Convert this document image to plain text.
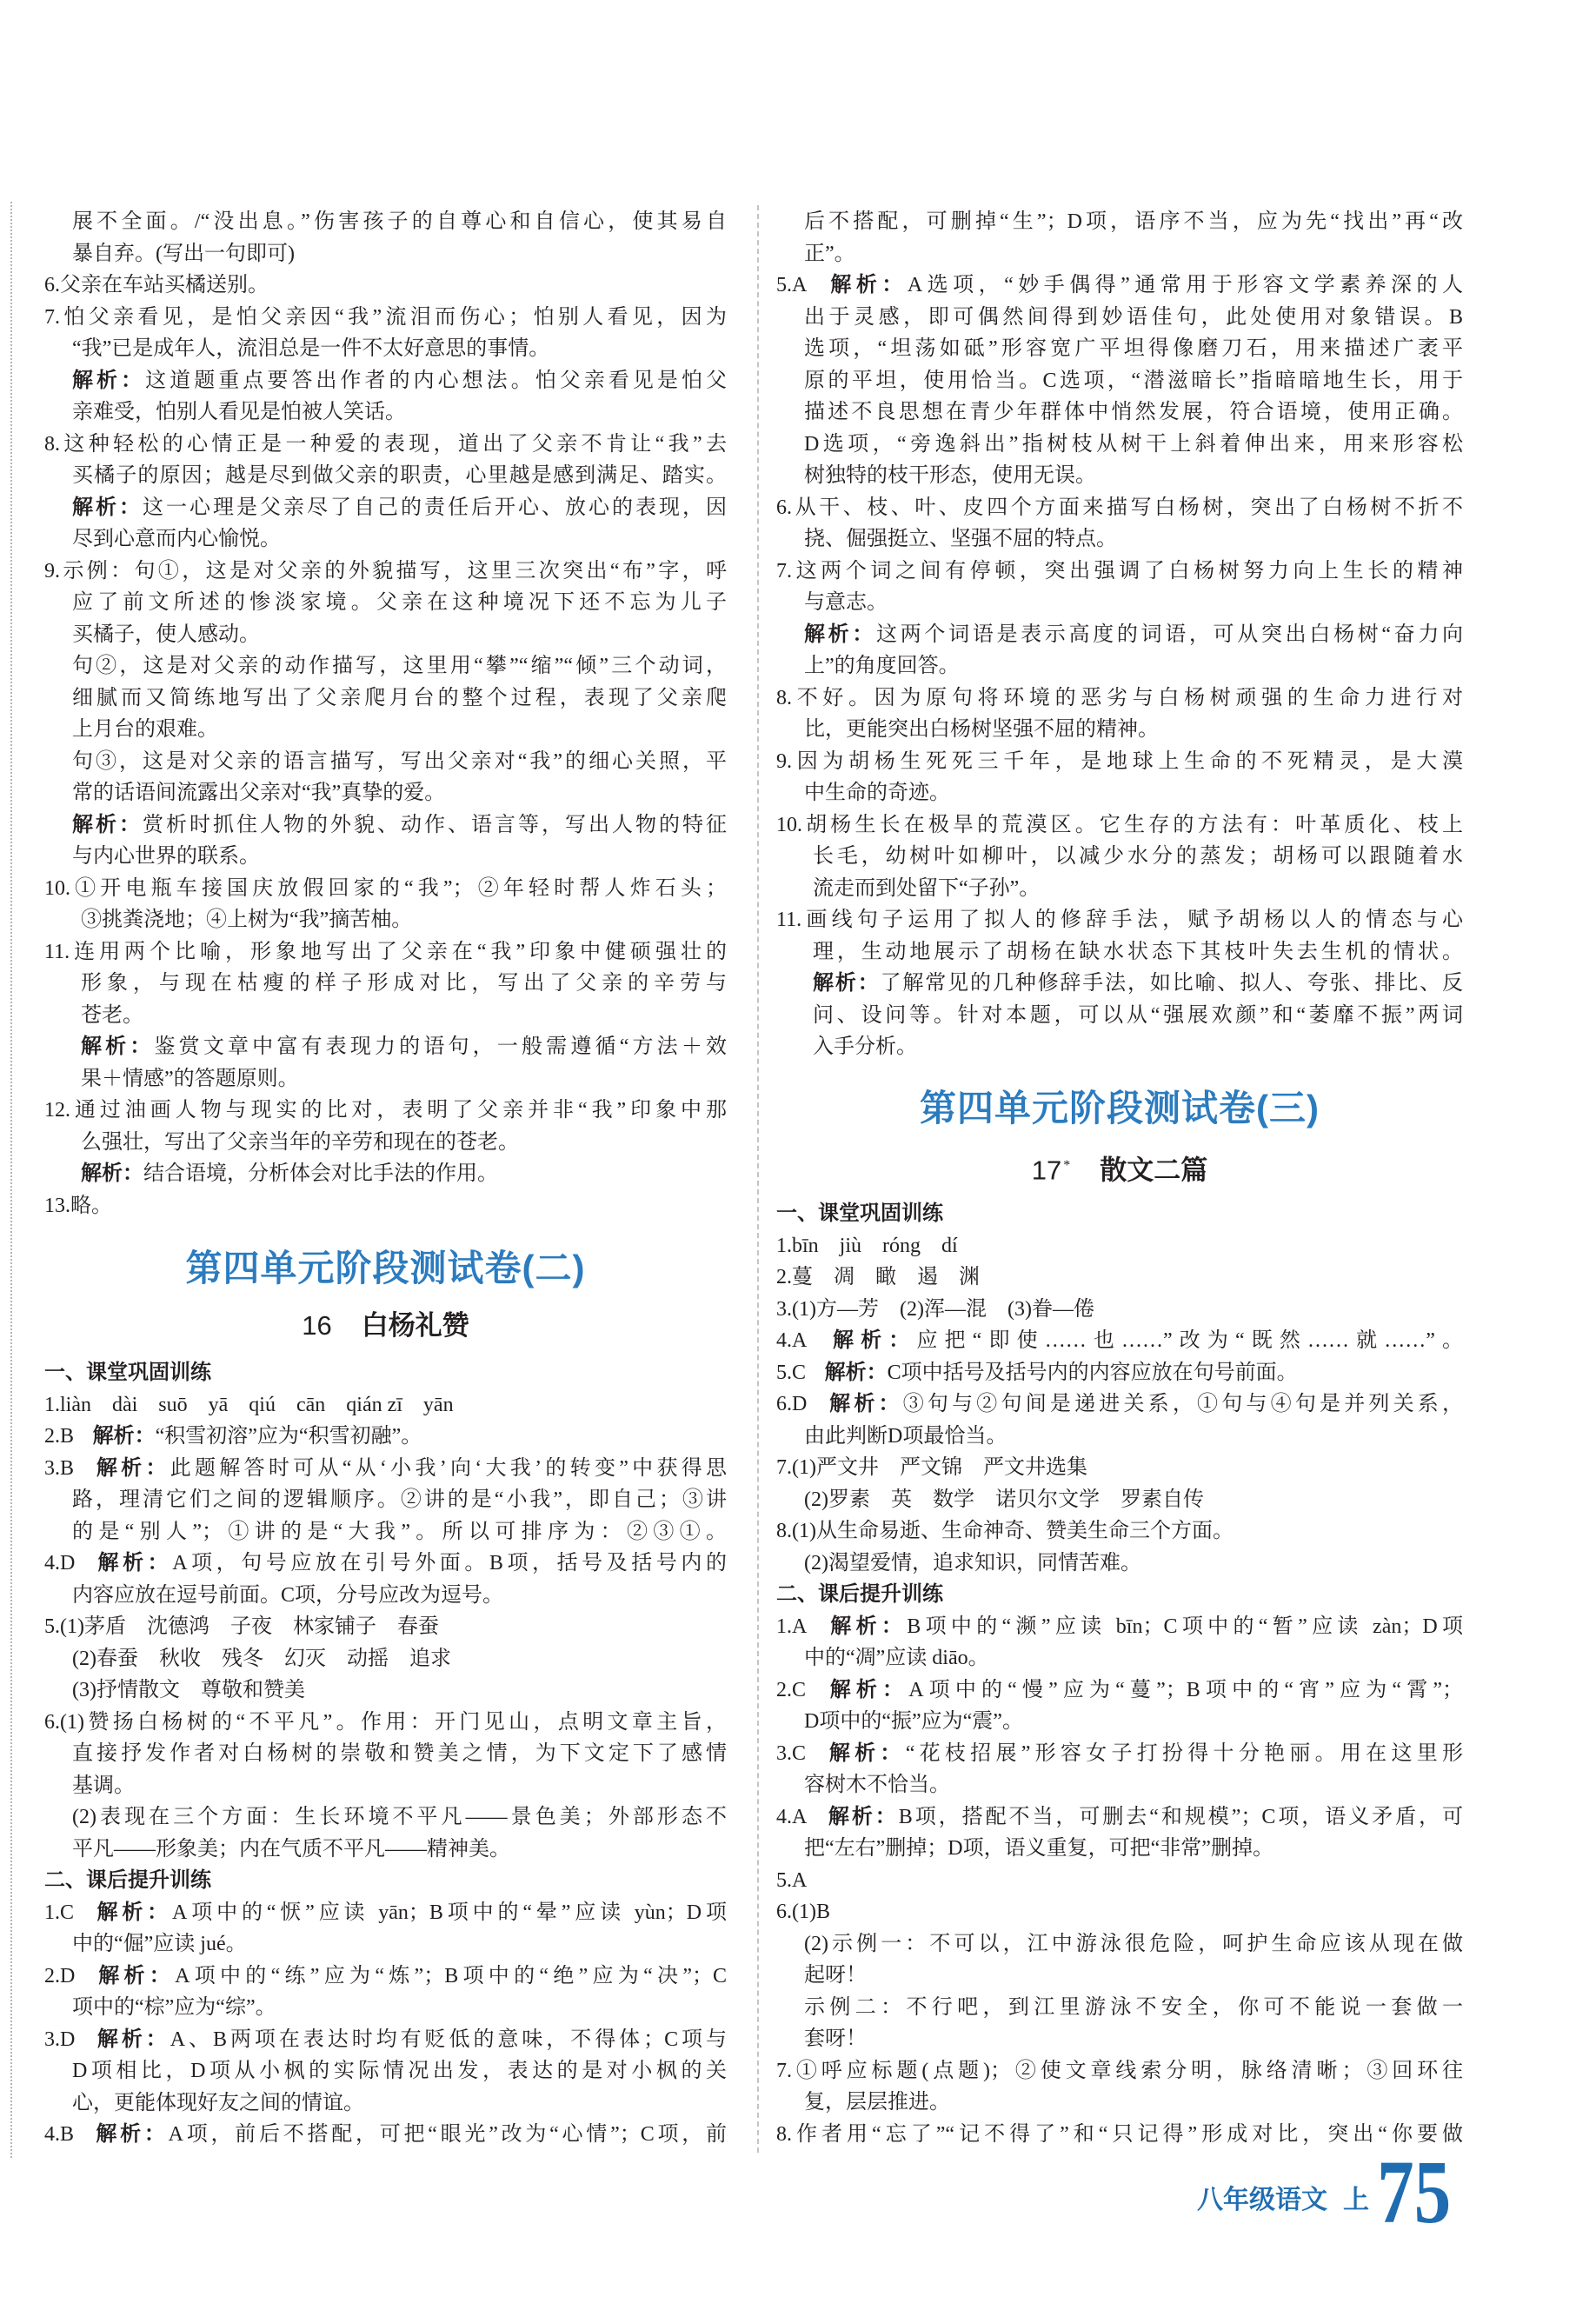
展不全面。/“没出息。”伤害孩子的自尊心和自信心，使其易自
暴自弃。(写出一句即可)
6.父亲在车站买橘送别。
7.怕父亲看见，是怕父亲因“我”流泪而伤心；怕别人看见，因为
“我”已是成年人，流泪总是一件不太好意思的事情。
解析：这道题重点要答出作者的内心想法。怕父亲看见是怕父
亲难受，怕别人看见是怕被人笑话。
8.这种轻松的心情正是一种爱的表现，道出了父亲不肯让“我”去
买橘子的原因；越是尽到做父亲的职责，心里越是感到满足、踏实。
解析：这一心理是父亲尽了自己的责任后开心、放心的表现，因
尽到心意而内心愉悦。
9.示例：句①，这是对父亲的外貌描写，这里三次突出“布”字，呼
应了前文所述的惨淡家境。父亲在这种境况下还不忘为儿子
买橘子，使人感动。
句②，这是对父亲的动作描写，这里用“攀”“缩”“倾”三个动词，
细腻而又简练地写出了父亲爬月台的整个过程，表现了父亲爬
上月台的艰难。
句③，这是对父亲的语言描写，写出父亲对“我”的细心关照，平
常的话语间流露出父亲对“我”真挚的爱。
解析：赏析时抓住人物的外貌、动作、语言等，写出人物的特征
与内心世界的联系。
10.①开电瓶车接国庆放假回家的“我”；②年轻时帮人炸石头；
③挑粪浇地；④上树为“我”摘苦柚。
11.连用两个比喻，形象地写出了父亲在“我”印象中健硕强壮的
形象，与现在枯瘦的样子形成对比，写出了父亲的辛劳与
苍老。
解析：鉴赏文章中富有表现力的语句，一般需遵循“方法＋效
果＋情感”的答题原则。
12.通过油画人物与现实的比对，表明了父亲并非“我”印象中那
么强壮，写出了父亲当年的辛劳和现在的苍老。
解析：结合语境，分析体会对比手法的作用。
13.略。
第四单元阶段测试卷(二)
16 白杨礼赞
一、课堂巩固训练
1.liàn　dài　suō　yā　qiú　cān　qián zī　yān
2.B 解析：“积雪初溶”应为“积雪初融”。
3.B 解析：此题解答时可从“从‘小我’向‘大我’的转变”中获得思
路，理清它们之间的逻辑顺序。②讲的是“小我”，即自己；③讲
的是“别人”；①讲的是“大我”。所以可排序为：②③①。
4.D 解析：A项，句号应放在引号外面。B项，括号及括号内的
内容应放在逗号前面。C项，分号应改为逗号。
5.(1)茅盾　沈德鸿　子夜　林家铺子　春蚕
(2)春蚕　秋收　残冬　幻灭　动摇　追求
(3)抒情散文　尊敬和赞美
6.(1)赞扬白杨树的“不平凡”。作用：开门见山，点明文章主旨，
直接抒发作者对白杨树的崇敬和赞美之情，为下文定下了感情
基调。
(2)表现在三个方面：生长环境不平凡——景色美；外部形态不
平凡——形象美；内在气质不平凡——精神美。
二、课后提升训练
1.C 解析：A项中的“恹”应读 yān；B项中的“晕”应读 yùn；D项
中的“倔”应读 jué。
2.D 解析：A项中的“练”应为“炼”；B项中的“绝”应为“决”；C
项中的“棕”应为“综”。
3.D 解析：A、B两项在表达时均有贬低的意味，不得体；C项与
D项相比，D项从小枫的实际情况出发，表达的是对小枫的关
心，更能体现好友之间的情谊。
4.B 解析：A项，前后不搭配，可把“眼光”改为“心情”；C项，前
后不搭配，可删掉“生”；D项，语序不当，应为先“找出”再“改
正”。
5.A 解析：A选项，“妙手偶得”通常用于形容文学素养深的人
出于灵感，即可偶然间得到妙语佳句，此处使用对象错误。B
选项，“坦荡如砥”形容宽广平坦得像磨刀石，用来描述广袤平
原的平坦，使用恰当。C选项，“潜滋暗长”指暗暗地生长，用于
描述不良思想在青少年群体中悄然发展，符合语境，使用正确。
D选项，“旁逸斜出”指树枝从树干上斜着伸出来，用来形容松
树独特的枝干形态，使用无误。
6.从干、枝、叶、皮四个方面来描写白杨树，突出了白杨树不折不
挠、倔强挺立、坚强不屈的特点。
7.这两个词之间有停顿，突出强调了白杨树努力向上生长的精神
与意志。
解析：这两个词语是表示高度的词语，可从突出白杨树“奋力向
上”的角度回答。
8.不好。因为原句将环境的恶劣与白杨树顽强的生命力进行对
比，更能突出白杨树坚强不屈的精神。
9.因为胡杨生死死三千年，是地球上生命的不死精灵，是大漠
中生命的奇迹。
10.胡杨生长在极旱的荒漠区。它生存的方法有：叶革质化、枝上
长毛，幼树叶如柳叶，以减少水分的蒸发；胡杨可以跟随着水
流走而到处留下“子孙”。
11.画线句子运用了拟人的修辞手法，赋予胡杨以人的情态与心
理，生动地展示了胡杨在缺水状态下其枝叶失去生机的情状。
解析：了解常见的几种修辞手法，如比喻、拟人、夸张、排比、反
问、设问等。针对本题，可以从“强展欢颜”和“萎靡不振”两词
入手分析。
第四单元阶段测试卷(三)
17 * 散文二篇
一、课堂巩固训练
1.bīn　jiù　róng　dí
2.蔓　凋　瞰　遏　渊
3.(1)方—芳　(2)浑—混　(3)眷—倦
4.A 解析：应把“即使……也……”改为“既然……就……”。
5.C 解析：C项中括号及括号内的内容应放在句号前面。
6.D 解析：③句与②句间是递进关系，①句与④句是并列关系，
由此判断D项最恰当。
7.(1)严文井　严文锦　严文井选集
(2)罗素　英　数学　诺贝尔文学　罗素自传
8.(1)从生命易逝、生命神奇、赞美生命三个方面。
(2)渴望爱情，追求知识，同情苦难。
二、课后提升训练
1.A 解析：B项中的“濒”应读 bīn；C项中的“暂”应读 zàn；D项
中的“凋”应读 diāo。
2.C 解析：A项中的“慢”应为“蔓”；B项中的“宵”应为“霄”；
D项中的“振”应为“震”。
3.C 解析：“花枝招展”形容女子打扮得十分艳丽。用在这里形
容树木不恰当。
4.A 解析：B项，搭配不当，可删去“和规模”；C项，语义矛盾，可
把“左右”删掉；D项，语义重复，可把“非常”删掉。
5.A
6.(1)B
(2)示例一：不可以，江中游泳很危险，呵护生命应该从现在做
起呀！
示例二：不行吧，到江里游泳不安全，你可不能说一套做一
套呀！
7.①呼应标题(点题)；②使文章线索分明，脉络清晰；③回环往
复，层层推进。
8.作者用“忘了”“记不得了”和“只记得”形成对比，突出“你要做
八年级语文 上 75
